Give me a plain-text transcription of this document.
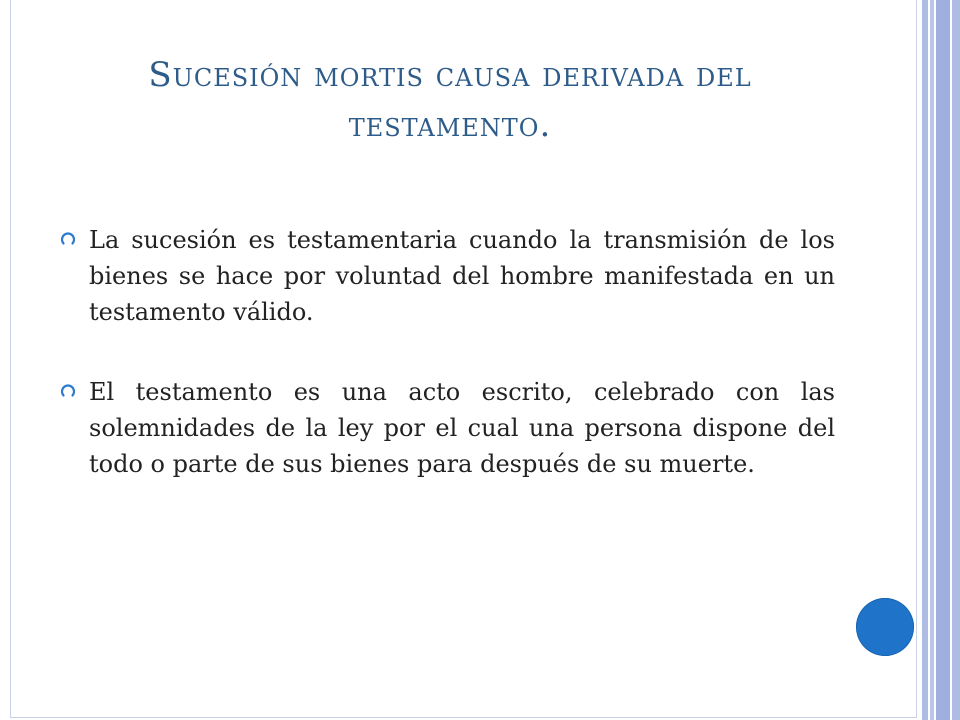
Sucesión mortis causa derivada del testamento.
La sucesión es testamentaria cuando la transmisión de los bienes se hace por voluntad del hombre manifestada en un testamento válido.
El testamento es una acto escrito, celebrado con las solemnidades de la ley por el cual una persona dispone del todo o parte de sus bienes para después de su muerte.
